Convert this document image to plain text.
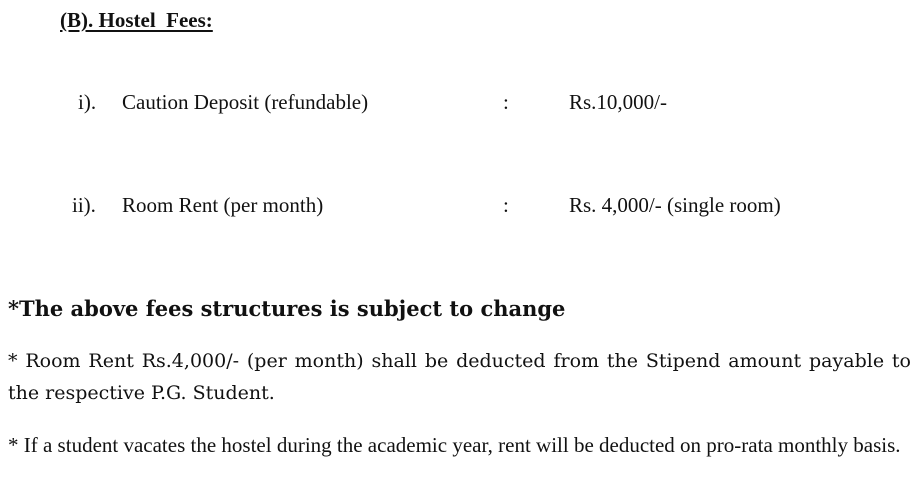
(B). Hostel  Fees:
i). Caution Deposit (refundable)	:	Rs.10,000/-
ii). Room Rent (per month)	:	Rs. 4,000/- (single room)
*The above fees structures is subject to change
* Room Rent Rs.4,000/- (per month) shall be deducted from the Stipend amount payable to the respective P.G. Student.
* If a student vacates the hostel during the academic year, rent will be deducted on pro-rata monthly basis.
